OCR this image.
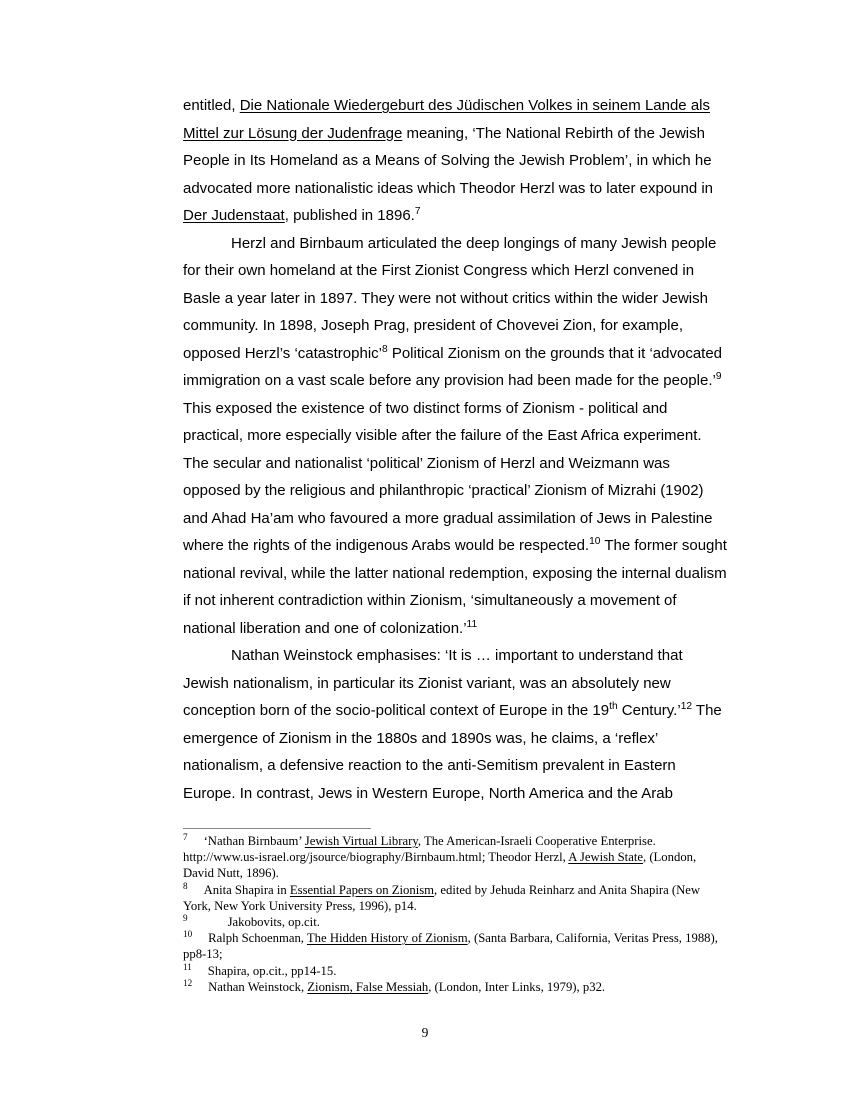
entitled, Die Nationale Wiedergeburt des Jüdischen Volkes in seinem Lande als Mittel zur Lösung der Judenfrage meaning, ‘The National Rebirth of the Jewish People in Its Homeland as a Means of Solving the Jewish Problem’, in which he advocated more nationalistic ideas which Theodor Herzl was to later expound in Der Judenstaat, published in 1896.$^7$

Herzl and Birnbaum articulated the deep longings of many Jewish people for their own homeland at the First Zionist Congress which Herzl convened in Basle a year later in 1897. They were not without critics within the wider Jewish community. In 1898, Joseph Prag, president of Chovevei Zion, for example, opposed Herzl’s ‘catastrophic’$^8$ Political Zionism on the grounds that it ‘advocated immigration on a vast scale before any provision had been made for the people.’$^9$ This exposed the existence of two distinct forms of Zionism - political and practical, more especially visible after the failure of the East Africa experiment. The secular and nationalist ‘political’ Zionism of Herzl and Weizmann was opposed by the religious and philanthropic ‘practical’ Zionism of Mizrahi (1902) and Ahad Ha’am who favoured a more gradual assimilation of Jews in Palestine where the rights of the indigenous Arabs would be respected.$^{10}$ The former sought national revival, while the latter national redemption, exposing the internal dualism if not inherent contradiction within Zionism, ‘simultaneously a movement of national liberation and one of colonization.’$^{11}$

Nathan Weinstock emphasises: ‘It is … important to understand that Jewish nationalism, in particular its Zionist variant, was an absolutely new conception born of the socio-political context of Europe in the 19th Century.’$^{12}$ The emergence of Zionism in the 1880s and 1890s was, he claims, a ‘reflex’ nationalism, a defensive reaction to the anti-Semitism prevalent in Eastern Europe. In contrast, Jews in Western Europe, North America and the Arab

$^7$ ‘Nathan Birnbaum’ Jewish Virtual Library, The American-Israeli Cooperative Enterprise. http://www.us-israel.org/jsource/biography/Birnbaum.html; Theodor Herzl, A Jewish State, (London, David Nutt, 1896).

$^8$ Anita Shapira in Essential Papers on Zionism, edited by Jehuda Reinharz and Anita Shapira (New York, New York University Press, 1996), p14.

$^9$	Jakobovits, op.cit.

$^{10}$ Ralph Schoenman, The Hidden History of Zionism, (Santa Barbara, California, Veritas Press, 1988), pp8-13;

$^{11}$ Shapira, op.cit., pp14-15.

$^{12}$ Nathan Weinstock, Zionism, False Messiah, (London, Inter Links, 1979), p32.

9
